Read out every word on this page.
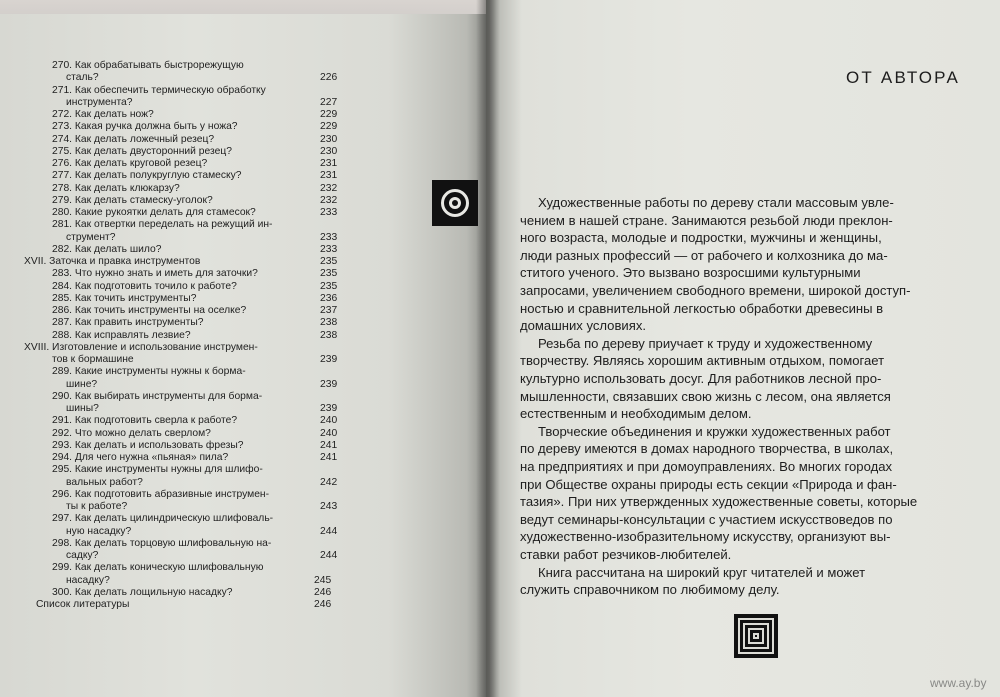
270. Как обрабатывать быстрорежущую
сталь?	226
271. Как обеспечить термическую обработку
инструмента?	227
272. Как делать нож?	229
273. Какая ручка должна быть у ножа?	229
274. Как делать ложечный резец?	230
275. Как делать двусторонний резец?	230
276. Как делать круговой резец?	231
277. Как делать полукруглую стамеску?	231
278. Как делать клюкарзу?	232
279. Как делать стамеску-уголок?	232
280. Какие рукоятки делать для стамесок?	233
281. Как отвертки переделать на режущий ин-
струмент?	233
282. Как делать шило?	233
XVII. Заточка и правка инструментов	235
283. Что нужно знать и иметь для заточки?	235
284. Как подготовить точило к работе?	235
285. Как точить инструменты?	236
286. Как точить инструменты на оселке?	237
287. Как править инструменты?	238
288. Как исправлять лезвие?	238
XVIII. Изготовление и использование инструмен-
тов к бормашине	239
289. Какие инструменты нужны к борма-
шине?	239
290. Как выбирать инструменты для борма-
шины?	239
291. Как подготовить сверла к работе?	240
292. Что можно делать сверлом?	240
293. Как делать и использовать фрезы?	241
294. Для чего нужна «пьяная» пила?	241
295. Какие инструменты нужны для шлифо-
вальных работ?	242
296. Как подготовить абразивные инструмен-
ты к работе?	243
297. Как делать цилиндрическую шлифоваль-
ную насадку?	244
298. Как делать торцовую шлифовальную на-
садку?	244
299. Как делать коническую шлифовальную
насадку?	245
300. Как делать лощильную насадку?	246
Список литературы	246
ОТ АВТОРА
Художественные работы по дереву стали массовым увле-
чением в нашей стране. Занимаются резьбой люди преклон-
ного возраста, молодые и подростки, мужчины и женщины,
люди разных профессий — от рабочего и колхозника до ма-
ститого ученого. Это вызвано возросшими культурными
запросами, увеличением свободного времени, широкой доступ-
ностью и сравнительной легкостью обработки древесины в
домашних условиях.
Резьба по дереву приучает к труду и художественному
творчеству. Являясь хорошим активным отдыхом, помогает
культурно использовать досуг. Для работников лесной про-
мышленности, связавших свою жизнь с лесом, она является
естественным и необходимым делом.
Творческие объединения и кружки художественных работ
по дереву имеются в домах народного творчества, в школах,
на предприятиях и при домоуправлениях. Во многих городах
при Обществе охраны природы есть секции «Природа и фан-
тазия». При них утвержденных художественные советы, которые
ведут семинары-консультации с участием искусствоведов по
художественно-изобразительному искусству, организуют вы-
ставки работ резчиков-любителей.
Книга рассчитана на широкий круг читателей и может
служить справочником по любимому делу.
www.ay.by
